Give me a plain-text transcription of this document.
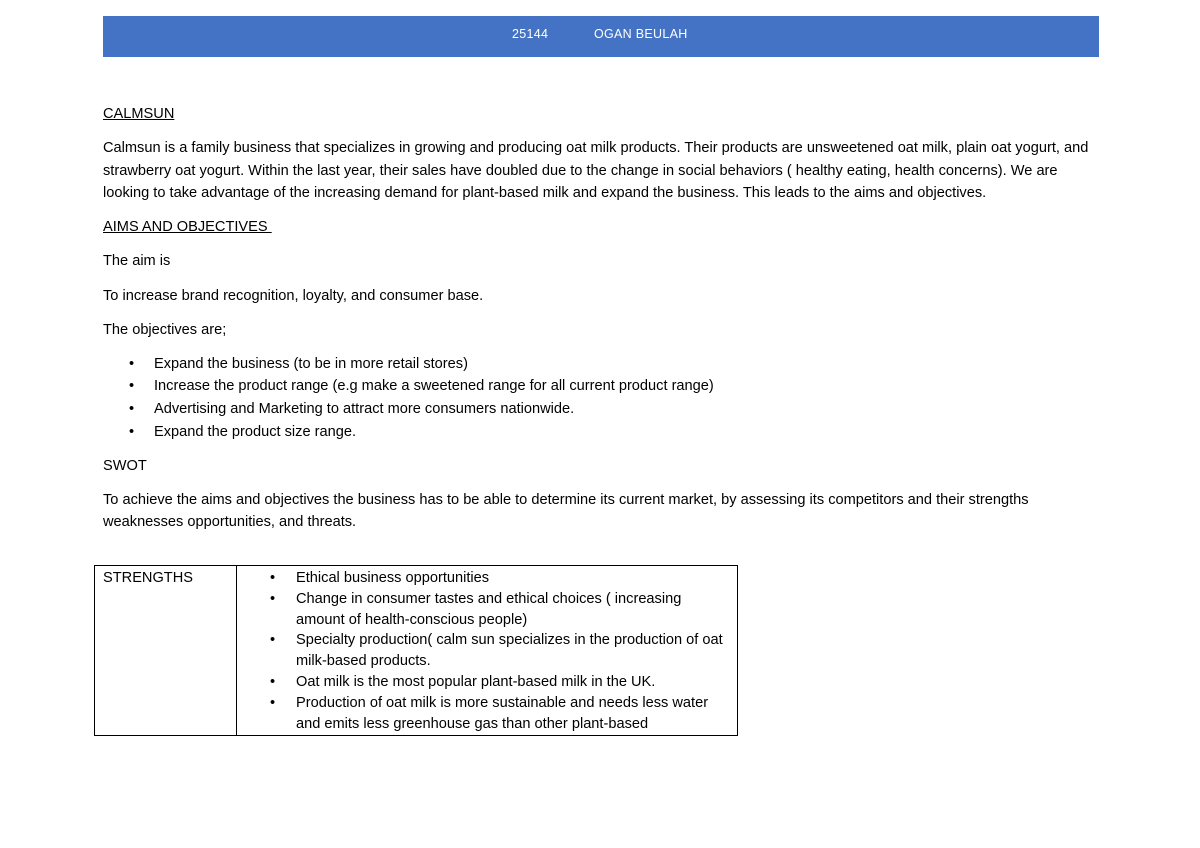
25144	OGAN BEULAH

CALMSUN

Calmsun is a family business that specializes in growing and producing oat milk products. Their products are unsweetened oat milk, plain oat yogurt, and strawberry oat yogurt. Within the last year, their sales have doubled due to the change in social behaviors ( healthy eating, health concerns). We are looking to take advantage of the increasing demand for plant-based milk and expand the business. This leads to the aims and objectives.

AIMS AND OBJECTIVES

The aim is

To increase brand recognition, loyalty, and consumer base.

The objectives are;

• Expand the business (to be in more retail stores)
• Increase the product range (e.g make a sweetened range for all current product range)
• Advertising and Marketing to attract more consumers nationwide.
• Expand the product size range.

SWOT

To achieve the aims and objectives the business has to be able to determine its current market, by assessing its competitors and their strengths weaknesses opportunities, and threats.

STRENGTHS	• Ethical business opportunities
• Change in consumer tastes and ethical choices ( increasing amount of health-conscious people)
• Specialty production( calm sun specializes in the production of oat milk-based products.
• Oat milk is the most popular plant-based milk in the UK.
• Production of oat milk is more sustainable and needs less water and emits less greenhouse gas than other plant-based
